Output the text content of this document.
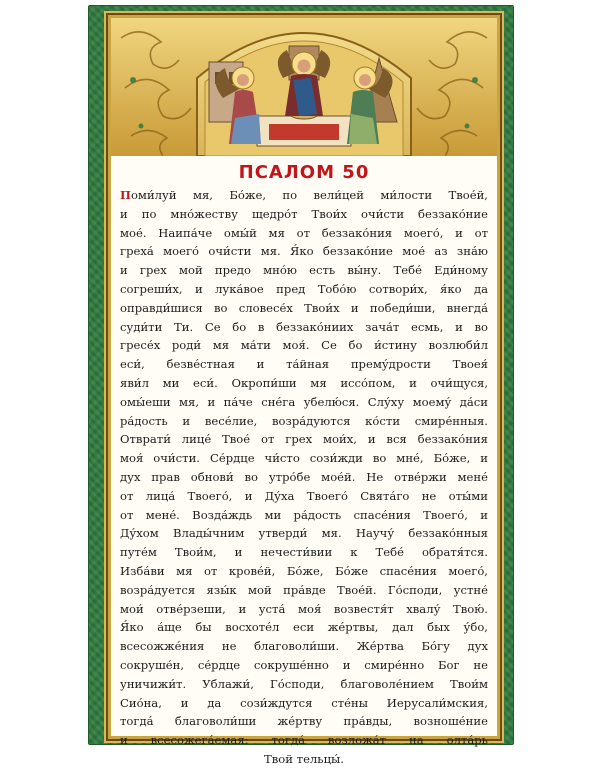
ПСАЛОМ 50
Поми́луй мя, Бо́же, по вели́цей ми́лости Твое́й,
и по мно́жеству щедро́т Твои́х очи́сти беззако́ние
мое́. Наипа́че омы́й мя от беззако́ния моего́, и от
греха́ моего́ очи́сти мя. Я́ко беззако́ние мое́ аз зна́ю
и грех мой предо мно́ю есть вы́ну. Тебе́ Еди́ному
согреши́х, и лука́вое пред Тобо́ю сотвори́х, я́ко да
оправди́шися во словесе́х Твои́х и победи́ши, внегда́
суди́ти Ти. Се бо в беззако́ниих зача́т есмь, и во
гресе́х роди́ мя ма́ти моя́. Се бо и́стину возлюби́л
еси́, безве́стная и та́йная прему́дрости Твоея́
яви́л ми еси́. Окропи́ши мя иссо́пом, и очи́щуся,
омы́еши мя, и па́че сне́га убелю́ся. Слу́ху моему́ да́си
ра́дость и весе́лие, возра́дуются ко́сти смире́нныя.
Отврати́ лице́ Твое́ от грех мои́х, и вся беззако́ния
моя́ очи́сти. Се́рдце чи́сто сози́жди во мне́, Бо́же, и
дух прав обнови́ во утро́бе мое́й. Не отве́ржи мене́
от лица́ Твоего́, и Ду́ха Твоего́ Свята́го не оты́ми
от мене́. Возда́ждь ми ра́дость спасе́ния Твоего́, и
Ду́хом Влады́чним утверди́ мя. Научу́ беззако́нныя
путе́м Твои́м, и нечести́вии к Тебе́ обратя́тся.
Изба́ви мя от крове́й, Бо́же, Бо́же спасе́ния моего́,
возра́дуется язы́к мой пра́вде Твое́й. Го́споди, устне́
мои́ отве́рзеши, и уста́ моя́ возвестя́т хвалу́ Твою́.
Я́ко а́ще бы восхоте́л еси же́ртвы, дал бых у́бо,
всесожже́ния не благоволи́ши. Же́ртва Бо́гу дух
сокруше́н, се́рдце сокруше́нно и смире́нно Бог не
уничижи́т. Ублажи́, Го́споди, благоволе́нием Твои́м
Сио́на, и да сози́ждутся сте́ны Иерусали́мския,
тогда́ благоволи́ши же́ртву пра́вды, вознoше́ние
и всесожега́емая: тогда́ возложа́т на олта́рь
Твой тельцы́.
